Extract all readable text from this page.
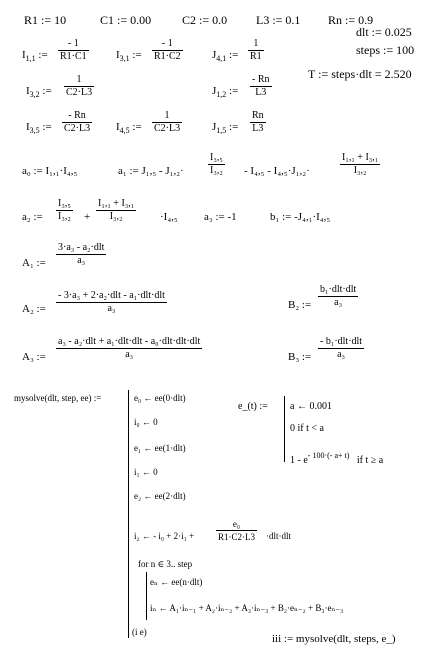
R1 := 10	C1 := 0.00	C2 := 0.0 L3 := 0.1 Rn := 0.9
dlt := 0.025
steps := 100
T := steps·dlt = 2.520
$I_{1,1}$ := $\frac{- 1}{R1\cdot C1} I_{3,1}$ := $\frac{- 1}{R1\cdot C2}$	$J_{4,1}$ := $\frac{1}{R1}$
$I_{3,2}$ := $\frac{1}{C2\cdot L3}$	$J_{1,2}$ := $\frac{- Rn}{L3}$
$I_{3,5}$ := $\frac{- Rn}{C2\cdot L3} I_{4,5}$ := $\frac{1}{C2\cdot L3}$	$J_{1,5}$ := $\frac{Rn}{L3}$
a₀ := I₁,₁·I₄,₅	a₁ := $J_1,_5 - J_1,_2\cdot \frac{\text{I₃,₅}}{\text{I₃,₂}} - I_4,_5 - I_4,_5\cdot J_1,_2\cdot$	$\frac{\text{I₁,₁ + I₃,₁}}{\text{I₃,₂}}$
a₂ := $\frac{\text{I₃,₅}}{\text{I₃,₂}} + \frac{\text{I₁,₁ + I₃,₁}}{\text{I₃,₂}} \cdot I_4,_5$ a₃ := -1	b₁ := -J₄,₁·I₄,₅
A₁ :=
3·a₃ - a₂·dlt
a₃
A₂ :=
- 3·a₃ + 2·a₂·dlt - a₁·dlt·dlt
a₃	B₂ :=
b₁·dlt·dlt
a₃
A₃ :=
a₃ - a₂·dlt + a₁·dlt·dlt - a₀·dlt·dlt·dlt
a₃	B₃ :=
- b₁·dlt·dlt
a₃
e_(t) := a ← 0.001
0 if t < a
$1 - e^{- 100\cdot(- a+ t)}$ if t ≥ a
mysolve(dlt, step, ee) :=	e₀ ← ee(0·dlt)
i₀ ← 0
e₁ ← ee(1·dlt)
i₁ ← 0
e₂ ← ee(2·dlt)
i₂ ← - $i_0 + 2\cdot i_1 + \frac{\text{e₀}}{R1\cdot C2\cdot L3} \cdot dlt\cdot dlt$
for n ∈ 3.. step
eₙ ← ee(n·dlt)
iₙ ← A₁·iₙ₋₁ + A₂·iₙ₋₂ + A₃·iₙ₋₃ + B₂·eₙ₋₂ + B₃·eₙ₋₃
(i e)
iii := mysolve(dlt, steps, e_)
